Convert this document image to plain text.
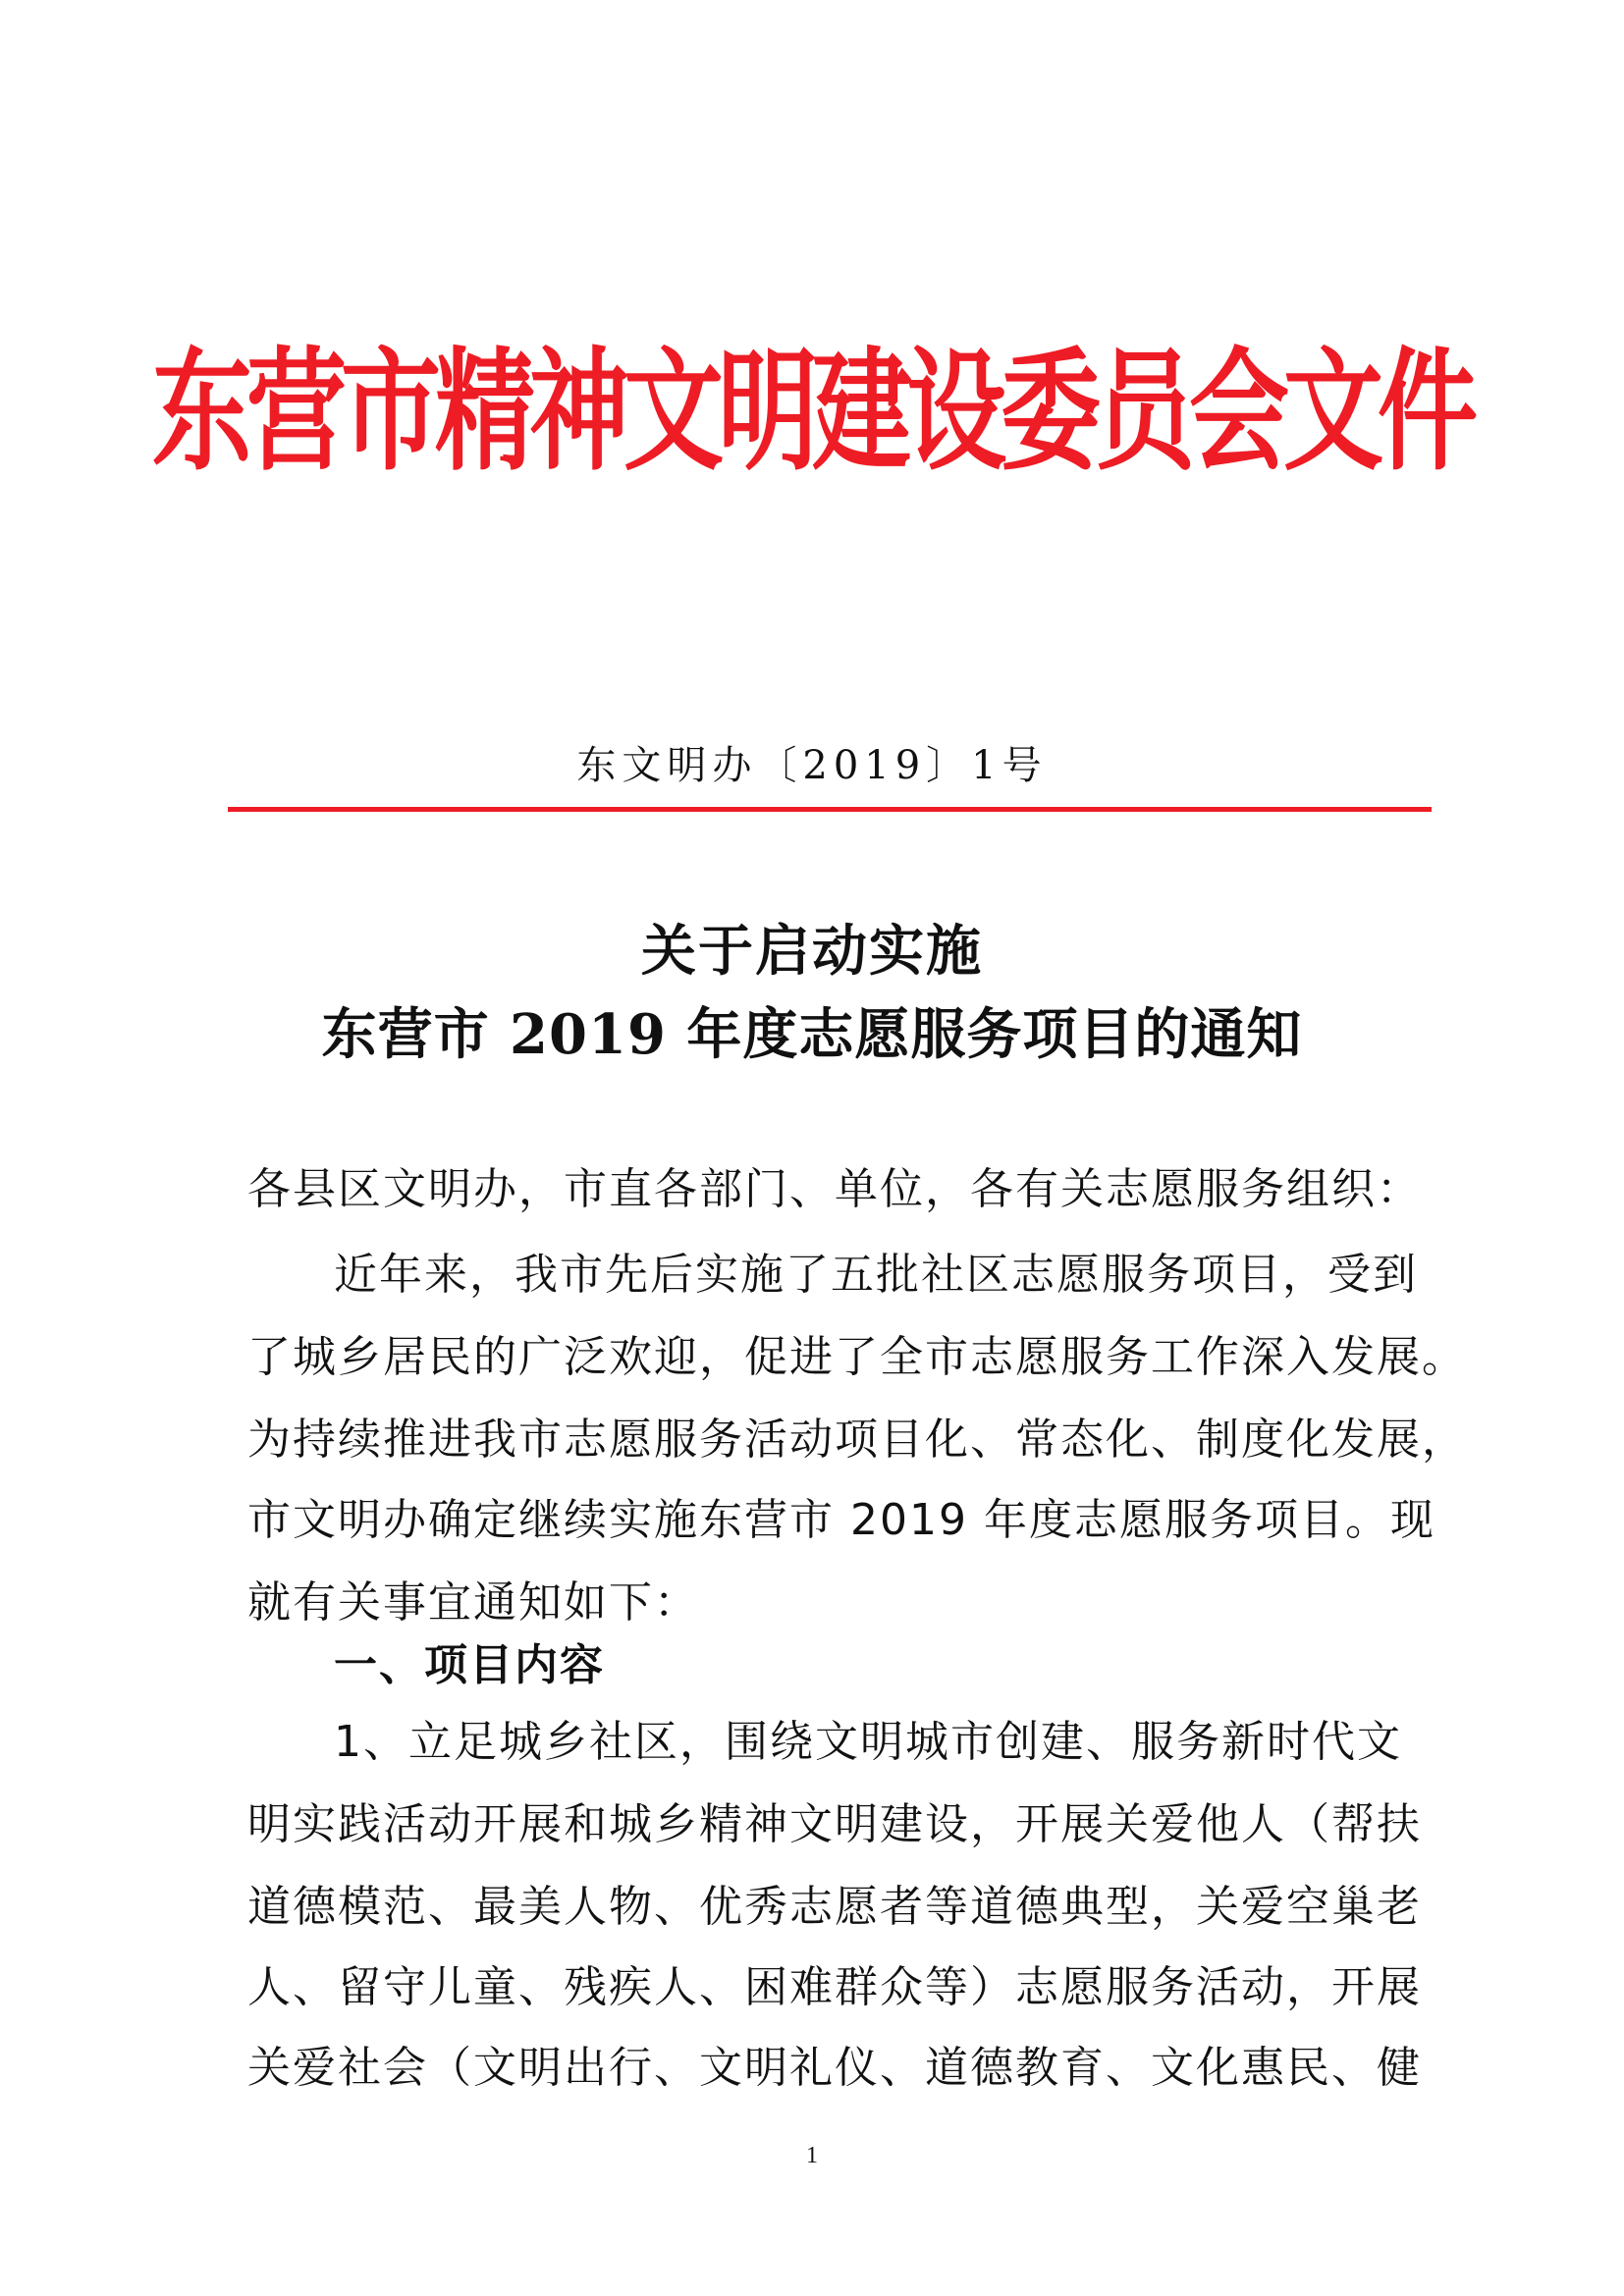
东营市精神文明建设委员会文件
东文明办〔2019〕1号
关于启动实施
东营市 2019 年度志愿服务项目的通知
各县区文明办，市直各部门、单位，各有关志愿服务组织：
近年来，我市先后实施了五批社区志愿服务项目，受到
了城乡居民的广泛欢迎，促进了全市志愿服务工作深入发展。
为持续推进我市志愿服务活动项目化、常态化、制度化发展，
市文明办确定继续实施东营市 2019 年度志愿服务项目。现
就有关事宜通知如下：
一、项目内容
1、立足城乡社区，围绕文明城市创建、服务新时代文
明实践活动开展和城乡精神文明建设，开展关爱他人（帮扶
道德模范、最美人物、优秀志愿者等道德典型，关爱空巢老
人、留守儿童、残疾人、困难群众等）志愿服务活动，开展
关爱社会（文明出行、文明礼仪、道德教育、文化惠民、健
1
